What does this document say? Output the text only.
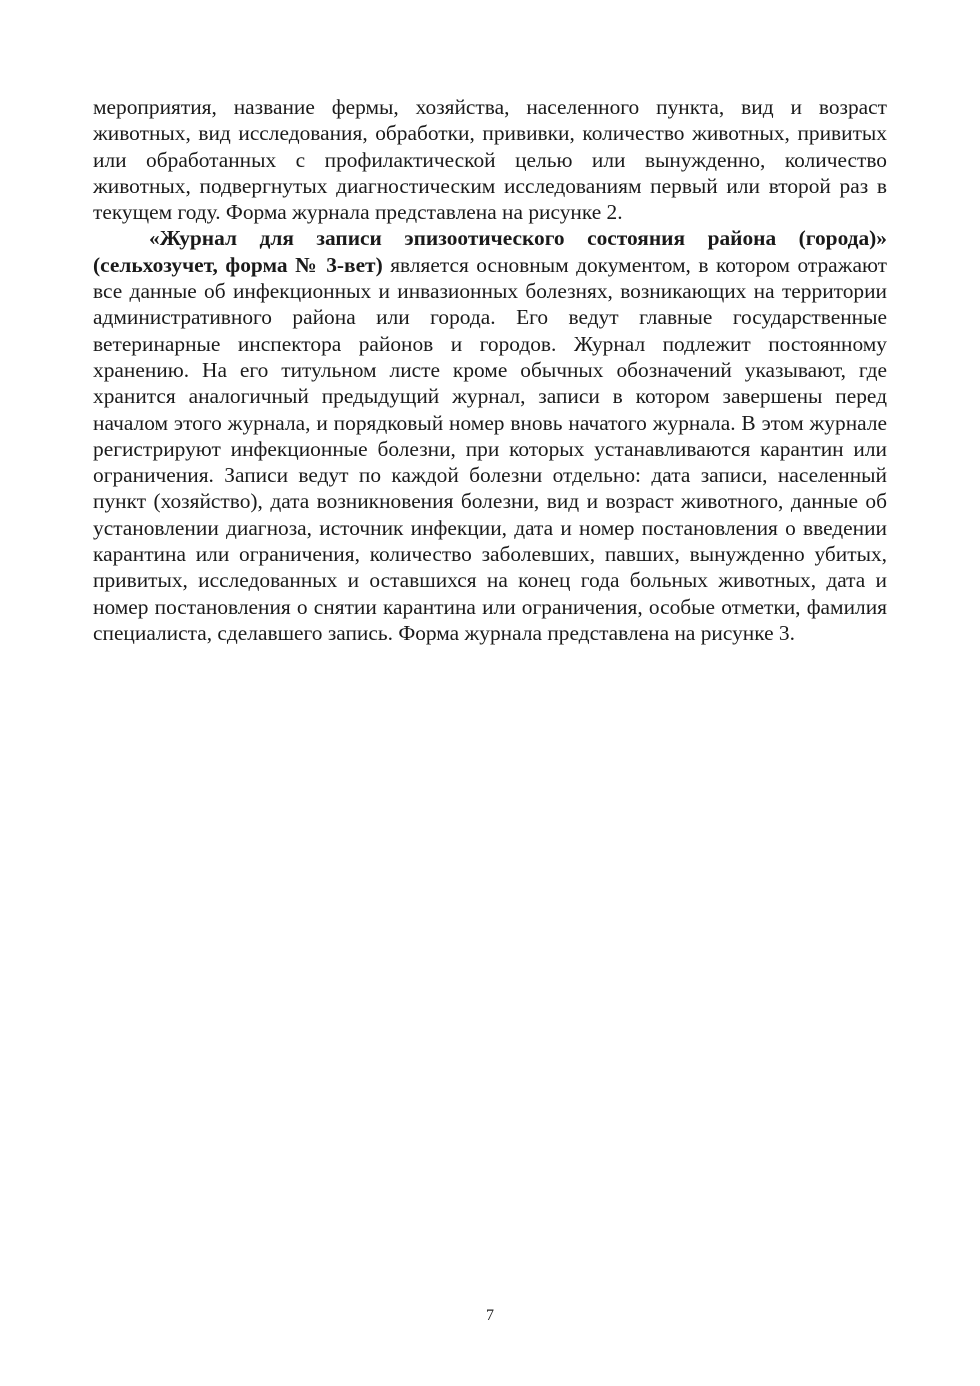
мероприятия, название фермы, хозяйства, населенного пункта, вид и возраст животных, вид исследования, обработки, прививки, количество животных, привитых или обработанных с профилактической целью или вынужденно, количество животных, подвергнутых диагностическим исследованиям первый или второй раз в текущем году. Форма журнала представлена на рисунке 2.

«Журнал для записи эпизоотического состояния района (города)» (сельхозучет, форма № 3-вет) является основным документом, в котором отражают все данные об инфекционных и инвазионных болезнях, возникающих на территории административного района или города. Его ведут главные государственные ветеринарные инспектора районов и городов. Журнал подлежит постоянному хранению. На его титульном листе кроме обычных обозначений указывают, где хранится аналогичный предыдущий журнал, записи в котором завершены перед началом этого журнала, и порядковый номер вновь начатого журнала. В этом журнале регистрируют инфекционные болезни, при которых устанавливаются карантин или ограничения. Записи ведут по каждой болезни отдельно: дата записи, населенный пункт (хозяйство), дата возникновения болезни, вид и возраст животного, данные об установлении диагноза, источник инфекции, дата и номер постановления о введении карантина или ограничения, количество заболевших, павших, вынужденно убитых, привитых, исследованных и оставшихся на конец года больных животных, дата и номер постановления о снятии карантина или ограничения, особые отметки, фамилия специалиста, сделавшего запись. Форма журнала представлена на рисунке 3.

7
